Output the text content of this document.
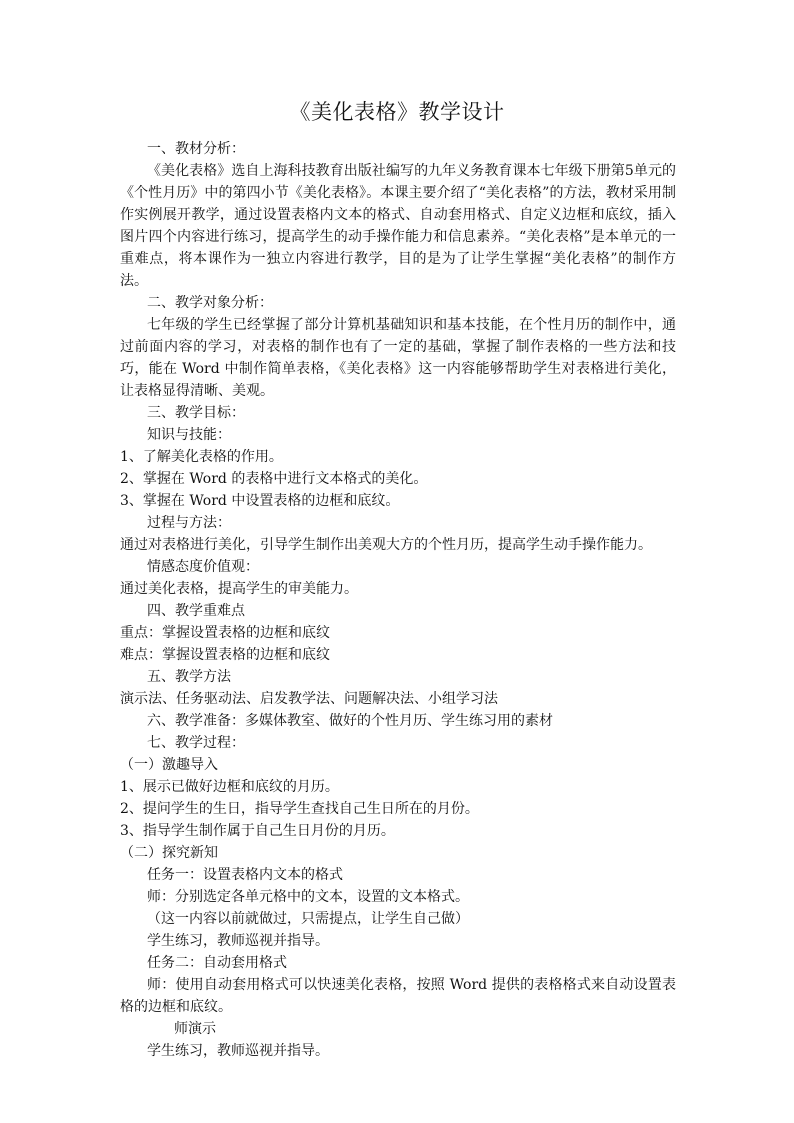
《美化表格》教学设计
一、教材分析：
《美化表格》选自上海科技教育出版社编写的九年义务教育课本七年级下册第5单元的《个性月历》中的第四小节《美化表格》。本课主要介绍了“美化表格”的方法，教材采用制作实例展开教学，通过设置表格内文本的格式、自动套用格式、自定义边框和底纹，插入图片四个内容进行练习，提高学生的动手操作能力和信息素养。“美化表格”是本单元的一重难点，将本课作为一独立内容进行教学，目的是为了让学生掌握“美化表格”的制作方法。
二、教学对象分析：
七年级的学生已经掌握了部分计算机基础知识和基本技能，在个性月历的制作中，通过前面内容的学习，对表格的制作也有了一定的基础，掌握了制作表格的一些方法和技巧，能在 Word 中制作简单表格，《美化表格》这一内容能够帮助学生对表格进行美化，让表格显得清晰、美观。
三、教学目标：
知识与技能：
1、了解美化表格的作用。
2、掌握在 Word 的表格中进行文本格式的美化。
3、掌握在 Word 中设置表格的边框和底纹。
过程与方法：
通过对表格进行美化，引导学生制作出美观大方的个性月历，提高学生动手操作能力。
情感态度价值观：
通过美化表格，提高学生的审美能力。
四、教学重难点
重点：掌握设置表格的边框和底纹
难点：掌握设置表格的边框和底纹
五、教学方法
演示法、任务驱动法、启发教学法、问题解决法、小组学习法
六、教学准备：多媒体教室、做好的个性月历、学生练习用的素材
七、教学过程：
（一）激趣导入
1、展示已做好边框和底纹的月历。
2、提问学生的生日，指导学生查找自己生日所在的月份。
3、指导学生制作属于自己生日月份的月历。
（二）探究新知
任务一：设置表格内文本的格式
师：分别选定各单元格中的文本，设置的文本格式。
（这一内容以前就做过，只需提点，让学生自己做）
学生练习，教师巡视并指导。
任务二：自动套用格式
师：使用自动套用格式可以快速美化表格，按照 Word 提供的表格格式来自动设置表格的边框和底纹。
师演示
学生练习，教师巡视并指导。
